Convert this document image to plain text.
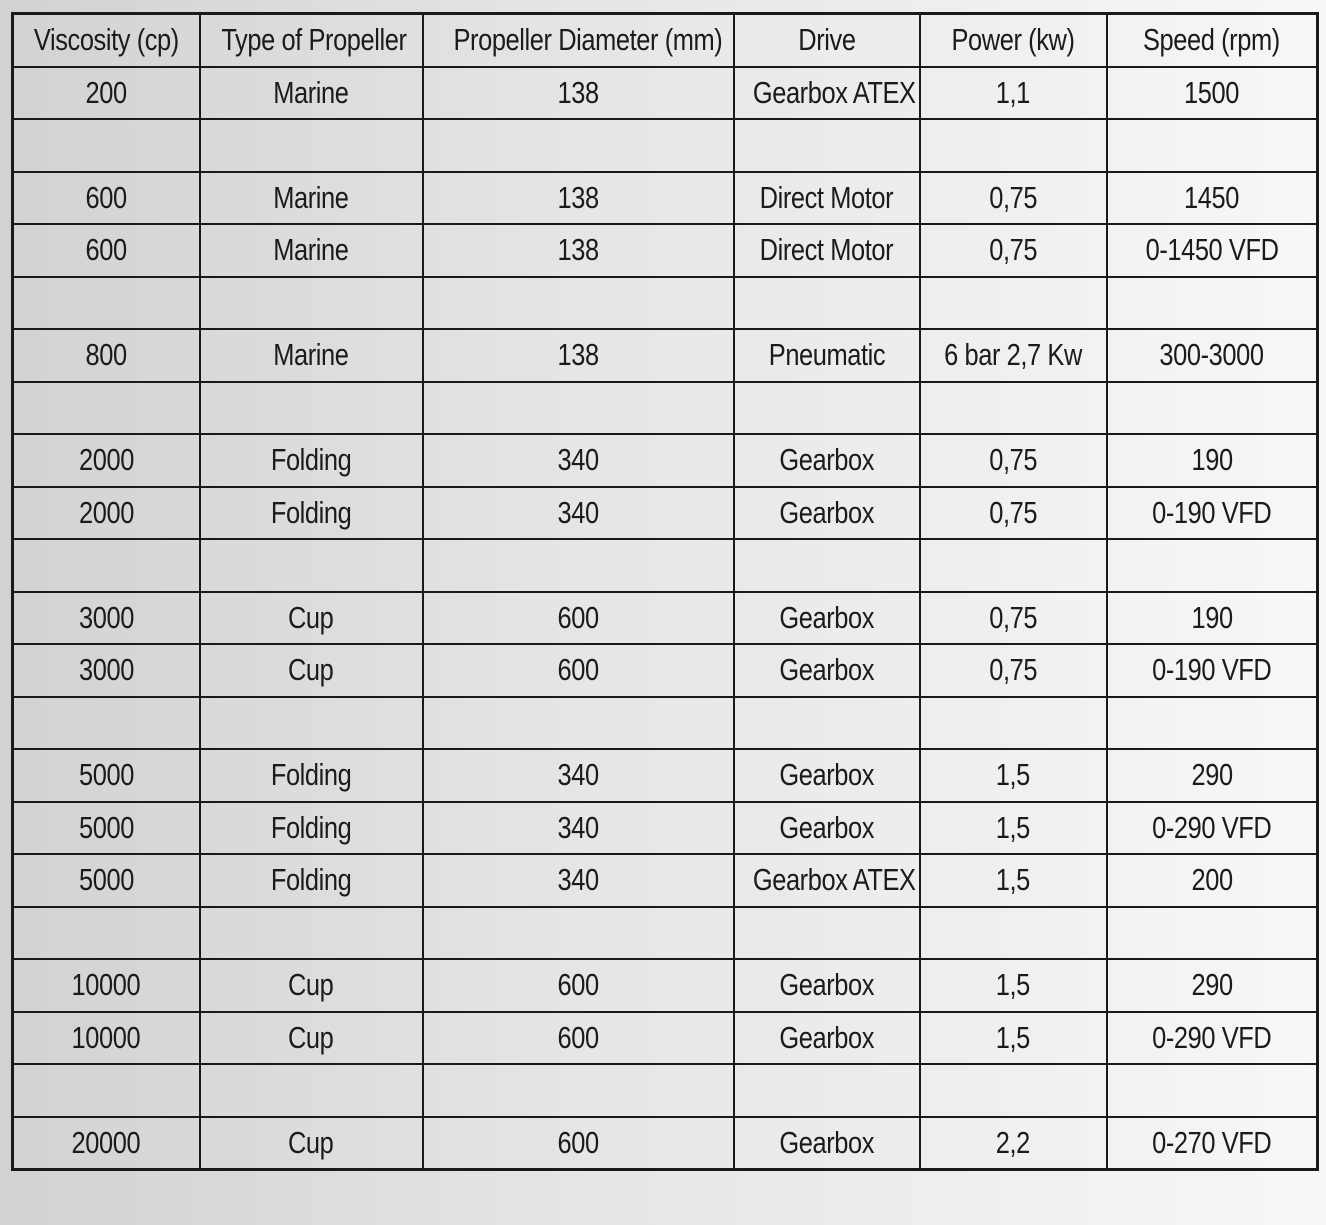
Viscosity (cp)	Type of Propeller	Propeller Diameter (mm)	Drive	Power (kw)	Speed (rpm)
200	Marine	138	Gearbox ATEX	1,1	1500

600	Marine	138	Direct Motor	0,75	1450
600	Marine	138	Direct Motor	0,75	0-1450 VFD

800	Marine	138	Pneumatic	6 bar 2,7 Kw	300-3000

2000	Folding	340	Gearbox	0,75	190
2000	Folding	340	Gearbox	0,75	0-190 VFD

3000	Cup	600	Gearbox	0,75	190
3000	Cup	600	Gearbox	0,75	0-190 VFD

5000	Folding	340	Gearbox	1,5	290
5000	Folding	340	Gearbox	1,5	0-290 VFD
5000	Folding	340	Gearbox ATEX	1,5	200

10000	Cup	600	Gearbox	1,5	290
10000	Cup	600	Gearbox	1,5	0-290 VFD

20000	Cup	600	Gearbox	2,2	0-270 VFD
